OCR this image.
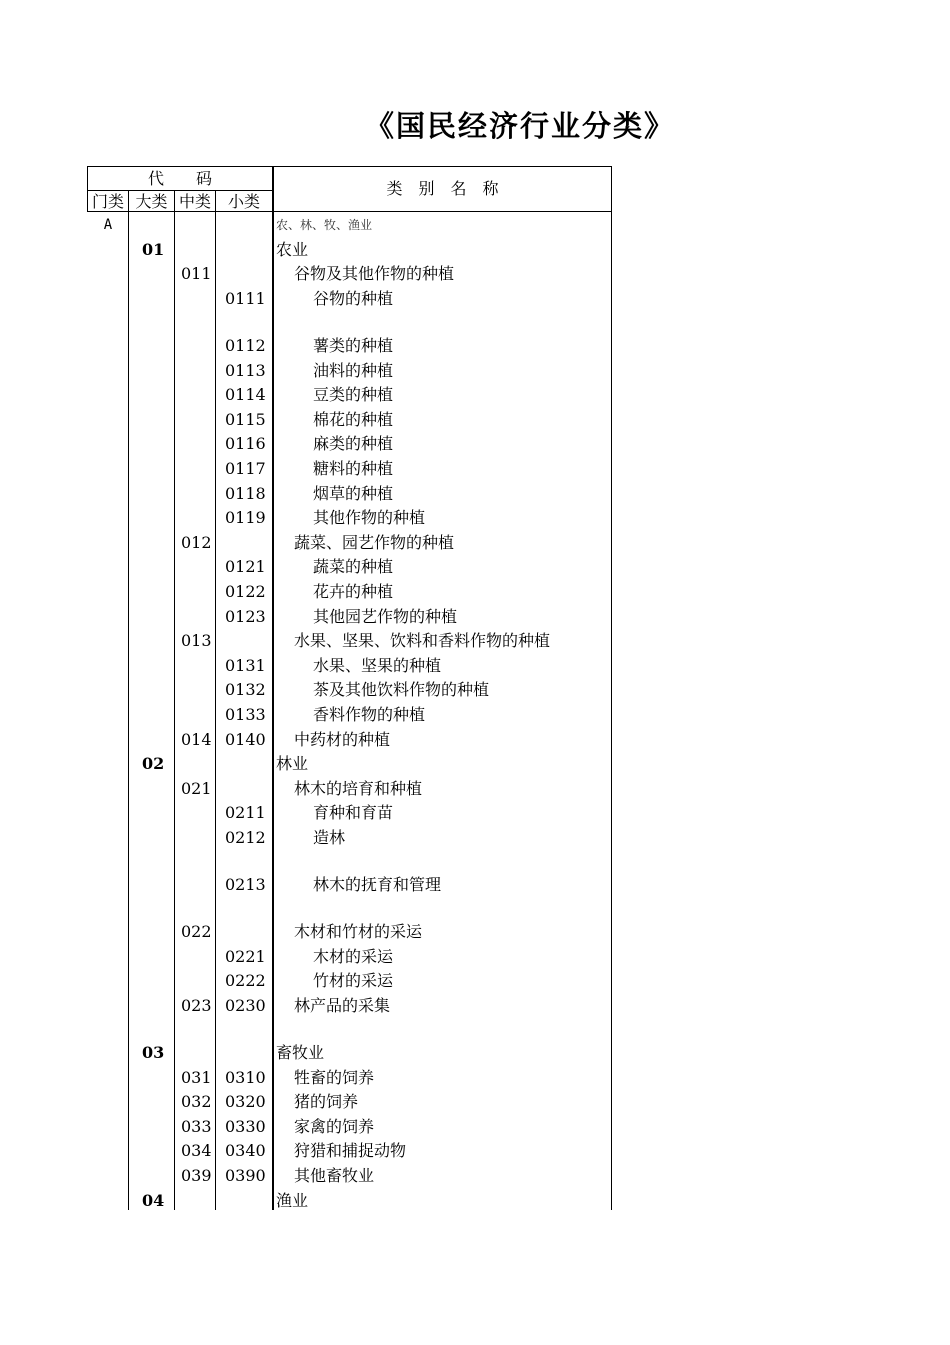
《国民经济行业分类》
代　　码
门类 大类 中类	小类
类　别　名　称
A	农、林、牧、渔业
01	农业
011	谷物及其他作物的种植
0111	谷物的种植
0112	薯类的种植
0113	油料的种植
0114	豆类的种植
0115	棉花的种植
0116	麻类的种植
0117	糖料的种植
0118	烟草的种植
0119	其他作物的种植
012	蔬菜、园艺作物的种植
0121	蔬菜的种植
0122	花卉的种植
0123	其他园艺作物的种植
013	水果、坚果、饮料和香料作物的种植
0131	水果、坚果的种植
0132	茶及其他饮料作物的种植
0133	香料作物的种植
014 0140	中药材的种植
02	林业
021	林木的培育和种植
0211	育种和育苗
0212	造林
0213	林木的抚育和管理
022	木材和竹材的采运
0221	木材的采运
0222	竹材的采运
023 0230	林产品的采集
03	畜牧业
031 0310	牲畜的饲养
032 0320	猪的饲养
033 0330	家禽的饲养
034 0340	狩猎和捕捉动物
039 0390	其他畜牧业
04	渔业
